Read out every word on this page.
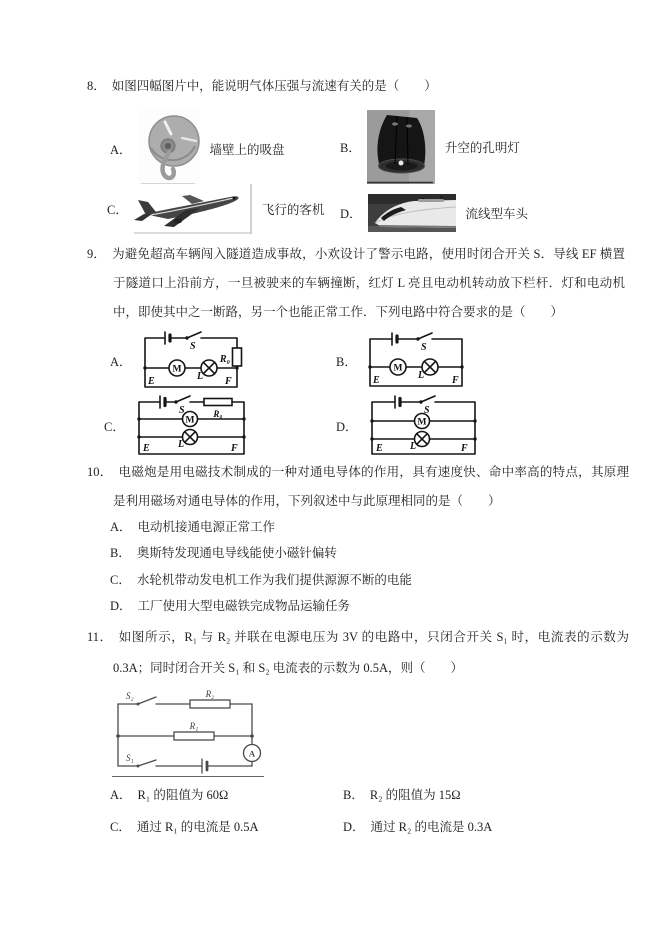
8． 如图四幅图片中，能说明气体压强与流速有关的是（　　）
A．	墙壁上的吸盘	B．	升空的孔明灯
C．	飞行的客机 D．	流线型车头
9． 为避免超高车辆闯入隧道造成事故，小欢设计了警示电路，使用时闭合开关 S．导线 EF 横置于隧道口上沿前方，一旦被驶来的车辆撞断，红灯 L 亮且电动机转动放下栏杆．灯和电动机中，即使其中之一断路，另一个也能正常工作．下列电路中符合要求的是（　　）
A．
S
R₀
M
L
E	F
B．
S
M
L
E	F
C．
S	R₀
M
L
E	F
D．
S
M
L
E	F
10． 电磁炮是用电磁技术制成的一种对通电导体的作用，具有速度快、命中率高的特点，其原理是利用磁场对通电导体的作用，下列叙述中与此原理相同的是（　　）
A． 电动机接通电源正常工作
B． 奥斯特发现通电导线能使小磁针偏转
C． 水轮机带动发电机工作为我们提供源源不断的电能
D． 工厂使用大型电磁铁完成物品运输任务
11． 如图所示，R₁ 与 R₂ 并联在电源电压为 3V 的电路中，只闭合开关 S₁ 时，电流表的示数为 0.3A；同时闭合开关 S₁ 和 S₂ 电流表的示数为 0.5A，则（　　）
S₂	R₂
R₁
S₁	A
A． R₁ 的阻值为 60Ω	B． R₂ 的阻值为 15Ω
C． 通过 R₁ 的电流是 0.5A	D． 通过 R₂ 的电流是 0.3A
